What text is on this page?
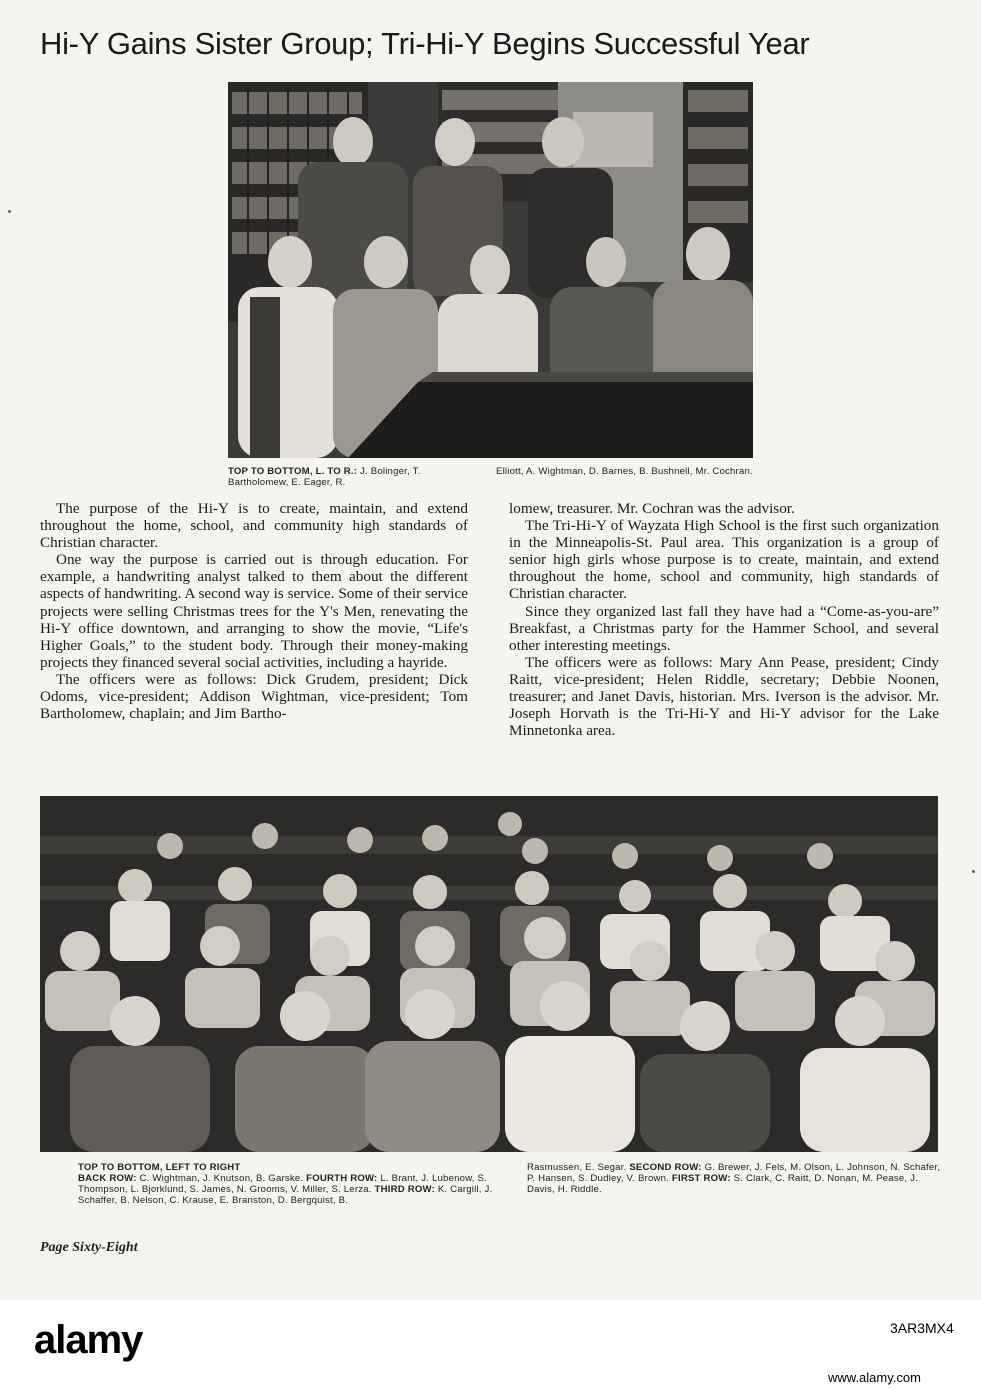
Hi-Y Gains Sister Group; Tri-Hi-Y Begins Successful Year
TOP TO BOTTOM, L. TO R.: J. Bolinger, T. Bartholomew, E. Eager, R.
Elliott, A. Wightman, D. Barnes, B. Bushnell, Mr. Cochran.

The purpose of the Hi-Y is to create, maintain, and extend throughout the home, school, and community high standards of Christian character.

One way the purpose is carried out is through education. For example, a handwriting analyst talked to them about the different aspects of handwriting. A second way is service. Some of their service projects were selling Christmas trees for the Y's Men, renevating the Hi-Y office downtown, and arranging to show the movie, “Life's Higher Goals,” to the student body. Through their money-making projects they financed several social activities, including a hayride.

The officers were as follows: Dick Grudem, president; Dick Odoms, vice-president; Addison Wightman, vice-president; Tom Bartholomew, chaplain; and Jim Bartho-

lomew, treasurer. Mr. Cochran was the advisor.

The Tri-Hi-Y of Wayzata High School is the first such organization in the Minneapolis-St. Paul area. This organization is a group of senior high girls whose purpose is to create, maintain, and extend throughout the home, school and community, high standards of Christian character.

Since they organized last fall they have had a “Come-as-you-are” Breakfast, a Christmas party for the Hammer School, and several other interesting meetings.

The officers were as follows: Mary Ann Pease, president; Cindy Raitt, vice-president; Helen Riddle, secretary; Debbie Noonen, treasurer; and Janet Davis, historian. Mrs. Iverson is the advisor. Mr. Joseph Horvath is the Tri-Hi-Y and Hi-Y advisor for the Lake Minnetonka area.

TOP TO BOTTOM, LEFT TO RIGHT
BACK ROW: C. Wightman, J. Knutson, B. Garske. FOURTH ROW: L. Brant, J. Lubenow, S. Thompson, L. Bjorklund, S. James, N. Grooms, V. Miller, S. Lerza. THIRD ROW: K. Cargill, J. Schaffer, B. Nelson, C. Krause, E. Branston, D. Bergquist, B.
Rasmussen, E. Segar. SECOND ROW: G. Brewer, J. Fels, M. Olson, L. Johnson, N. Schafer, P. Hansen, S. Dudley, V. Brown. FIRST ROW: S. Clark, C. Raitt, D. Nonan, M. Pease, J. Davis, H. Riddle.
Page Sixty-Eight
alamy	3AR3MX4
www.alamy.com
